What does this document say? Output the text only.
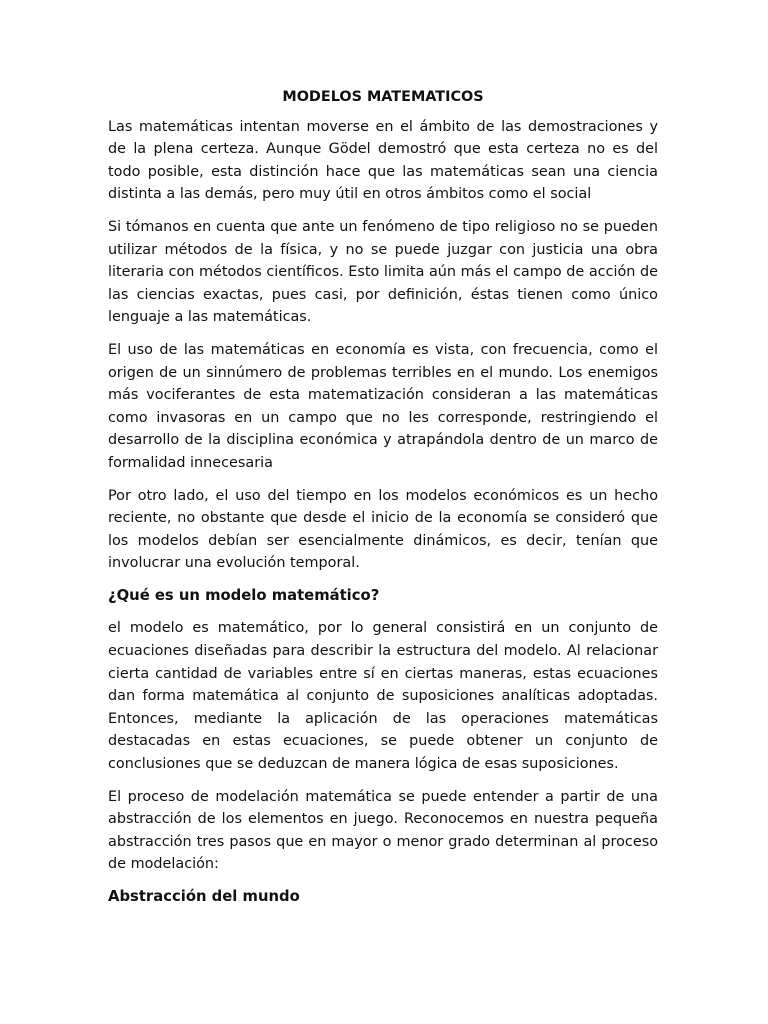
MODELOS MATEMATICOS

Las matemáticas intentan moverse en el ámbito de las demostraciones y de la plena certeza. Aunque Gödel demostró que esta certeza no es del todo posible, esta distinción hace que las matemáticas sean una ciencia distinta a las demás, pero muy útil en otros ámbitos como el social

Si tómanos en cuenta que ante un fenómeno de tipo religioso no se pueden utilizar métodos de la física, y no se puede juzgar con justicia una obra literaria con métodos científicos. Esto limita aún más el campo de acción de las ciencias exactas, pues casi, por definición, éstas tienen como único lenguaje a las matemáticas.

El uso de las matemáticas en economía es vista, con frecuencia, como el origen de un sinnúmero de problemas terribles en el mundo. Los enemigos más vociferantes de esta matematización consideran a las matemáticas como invasoras en un campo que no les corresponde, restringiendo el desarrollo de la disciplina económica y atrapándola dentro de un marco de formalidad innecesaria

Por otro lado, el uso del tiempo en los modelos económicos es un hecho reciente, no obstante que desde el inicio de la economía se consideró que los modelos debían ser esencialmente dinámicos, es decir, tenían que involucrar una evolución temporal.

¿Qué es un modelo matemático?

el modelo es matemático, por lo general consistirá en un conjunto de ecuaciones diseñadas para describir la estructura del modelo. Al relacionar cierta cantidad de variables entre sí en ciertas maneras, estas ecuaciones dan forma matemática al conjunto de suposiciones analíticas adoptadas. Entonces, mediante la aplicación de las operaciones matemáticas destacadas en estas ecuaciones, se puede obtener un conjunto de conclusiones que se deduzcan de manera lógica de esas suposiciones.

El proceso de modelación matemática se puede entender a partir de una abstracción de los elementos en juego. Reconocemos en nuestra pequeña abstracción tres pasos que en mayor o menor grado determinan al proceso de modelación:

Abstracción del mundo
